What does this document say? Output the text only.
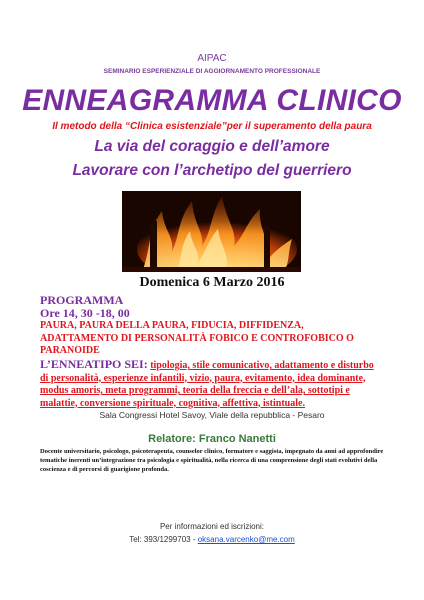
AIPAC
SEMINARIO ESPERIENZIALE DI AGGIORNAMENTO PROFESSIONALE
ENNEAGRAMMA CLINICO
Il metodo della “Clinica esistenziale”per il superamento della paura
La via del coraggio e dell’amore
Lavorare con l’archetipo del guerriero
Domenica 6 Marzo 2016
PROGRAMMA
Ore 14, 30 -18, 00
PAURA, PAURA DELLA PAURA, FIDUCIA, DIFFIDENZA, ADATTAMENTO DI PERSONALITÀ FOBICO E CONTROFOBICO O PARANOIDE
L’ENNEATIPO SEI: tipologia, stile comunicativo, adattamento e disturbo di personalità, esperienze infantili, vizio, paura, evitamento, idea dominante, modus amoris, meta programmi, teoria della freccia e dell’ala, sottotipi e malattie, conversione spirituale, cognitiva, affettiva, istintuale.
Sala Congressi Hotel Savoy, Viale della repubblica - Pesaro
Relatore: Franco Nanetti
Docente universitario, psicologo, psicoterapeuta, counselor clinico, formatore e saggista, impegnato da anni ad approfondire tematiche inerenti un’integrazione tra psicologia e spiritualità, nella ricerca di una comprensione degli stati evolutivi della coscienza e di percorsi di guarigione profonda.
Per informazioni ed iscrizioni:
Tel: 393/1299703 - oksana.varcenko@me.com
